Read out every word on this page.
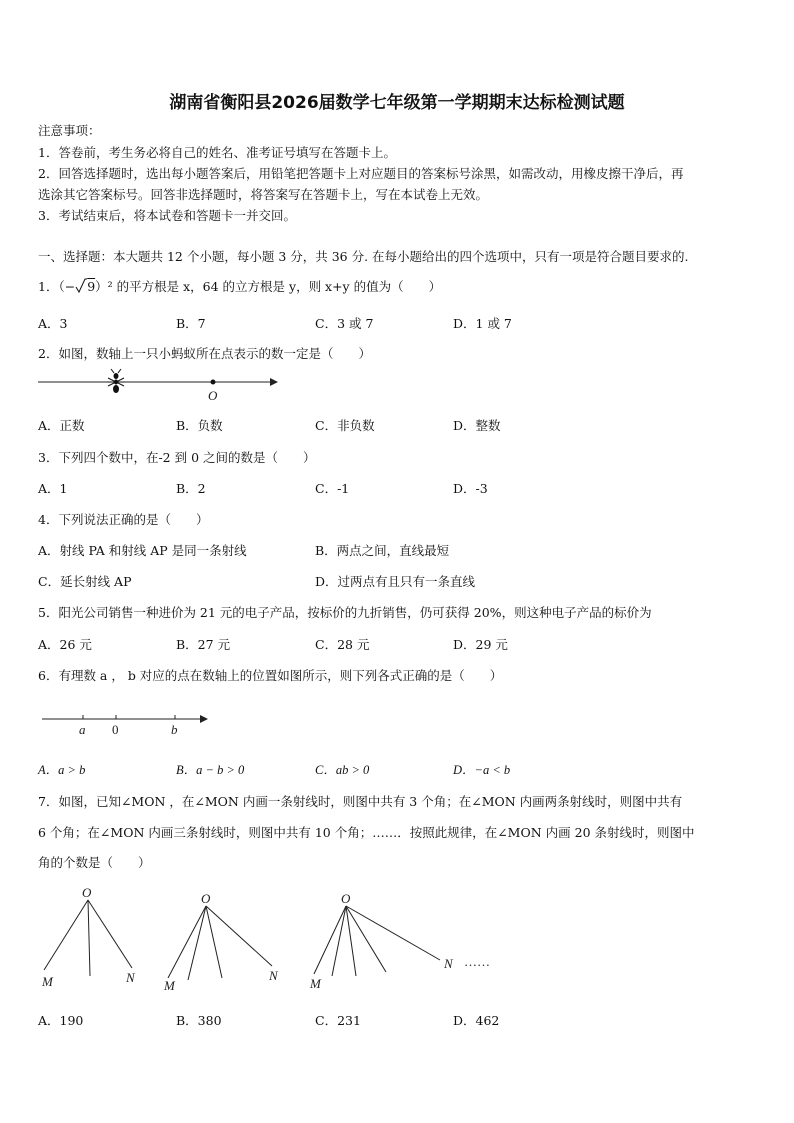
湖南省衡阳县2026届数学七年级第一学期期末达标检测试题
注意事项：
1．答卷前，考生务必将自己的姓名、准考证号填写在答题卡上。
2．回答选择题时，选出每小题答案后，用铅笔把答题卡上对应题目的答案标号涂黑，如需改动，用橡皮擦干净后，再
选涂其它答案标号。回答非选择题时，将答案写在答题卡上，写在本试卷上无效。
3．考试结束后，将本试卷和答题卡一并交回。
一、选择题：本大题共 12 个小题，每小题 3 分，共 36 分. 在每小题给出的四个选项中，只有一项是符合题目要求的.
1．（− 9）² 的平方根是 x，64 的立方根是 y，则 x+y 的值为（　　）
A．3	B．7	C．3 或 7	D．1 或 7
2．如图，数轴上一只小蚂蚁所在点表示的数一定是（　　）
O
A．正数	B．负数	C．非负数	D．整数
3．下列四个数中，在-2 到 0 之间的数是（　　）
A．1	B．2	C．-1	D．-3
4．下列说法正确的是（　　）
A．射线 PA 和射线 AP 是同一条射线	B．两点之间，直线最短
C．延长射线 AP	D．过两点有且只有一条直线
5．阳光公司销售一种进价为 21 元的电子产品，按标价的九折销售，仍可获得 20%，则这种电子产品的标价为
A．26 元	B．27 元	C．28 元	D．29 元
6．有理数 a ， b 对应的点在数轴上的位置如图所示，则下列各式正确的是（　　）
a 0	b
A．a > b	B．a − b > 0	C．ab > 0	D．−a < b
7．如图，已知∠MON ，在∠MON 内画一条射线时，则图中共有 3 个角；在∠MON 内画两条射线时，则图中共有
6 个角；在∠MON 内画三条射线时，则图中共有 10 个角；……．按照此规律，在∠MON 内画 20 条射线时，则图中
角的个数是（　　）
O
M	N
O
M
N
O
M
N ……
A．190	B．380	C．231	D．462
